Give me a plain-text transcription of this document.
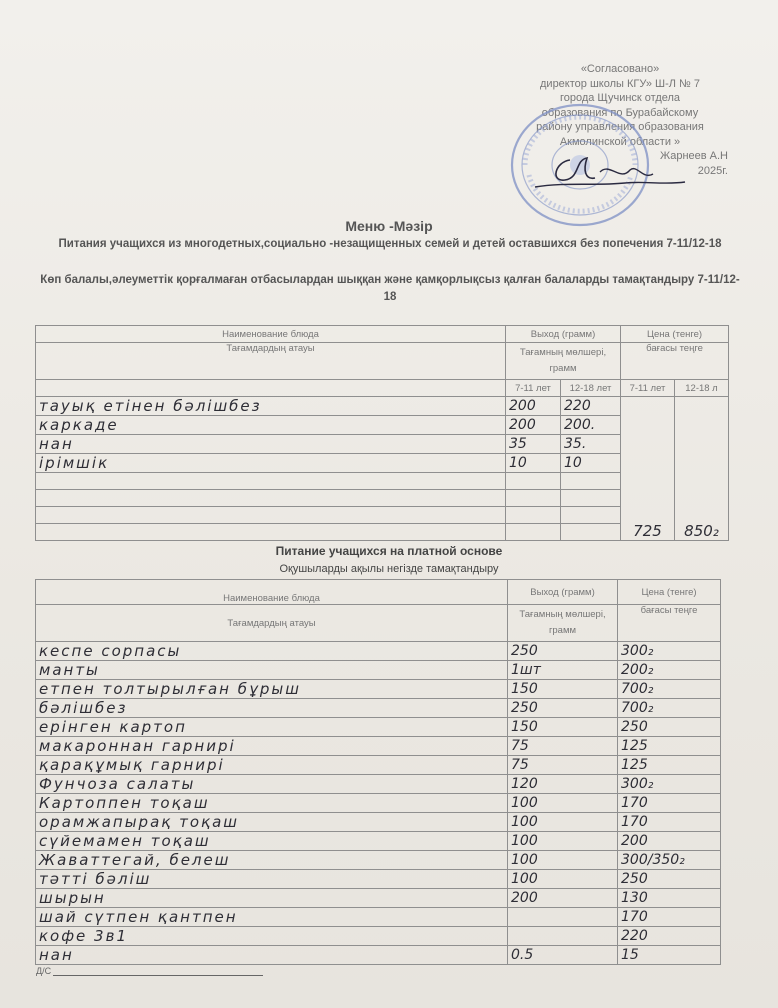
«Согласовано»
директор школы КГУ» Ш-Л № 7
города Щучинск отдела
образования по Бурабайскому
району управления образования
Акмолинской области »
Жарнеев А.Н
2025г.
Меню -Мәзір

Питания учащихся из многодетных,социально -незащищенных семей и детей оставшихся без попечения 7-11/12-18

Көп балалы,әлеуметтік қорғалмаған отбасылардан шыққан және қамқорлықсыз қалған балаларды тамақтандыру 7-11/12-18

Наименование блюда	Выход (грамм)		Цена (тенге)	
Тағамдардың атауы	Тағамның мөлшері, грамм		бағасы теңге	
	7-11 лет	12-18 лет	7-11 лет	12-18 л
тауық етінен бәлішбез	200	220	725	850₂
каркаде	200	200.		
нан	35	35.		
ірімшік	10	10		

Питание учащихся на платной основе

Оқушыларды ақылы негізде тамақтандыру

Наименование блюда	Выход (грамм)	Цена (тенге)
Тағамдардың атауы	Тағамның мөлшері, грамм	бағасы теңге
кеспе сорпасы	250	300₂
манты	1шт	200₂
етпен толтырылған бұрыш	150	700₂
бәлішбез	250	700₂
ерінген картоп	150	250
макароннан гарнирі	75	125
қарақұмық гарнирі	75	125
Фунчоза салаты	120	300₂
Картоппен тоқаш	100	170
орамжапырақ тоқаш	100	170
сүйемамен тоқаш	100	200
Жаваттегай, белеш	100	300/350₂
тәтті бәліш	100	250
шырын	200	130
шай сүтпен қантпен		170
кофе 3в1		220
нан	0.5	15
Д/С
